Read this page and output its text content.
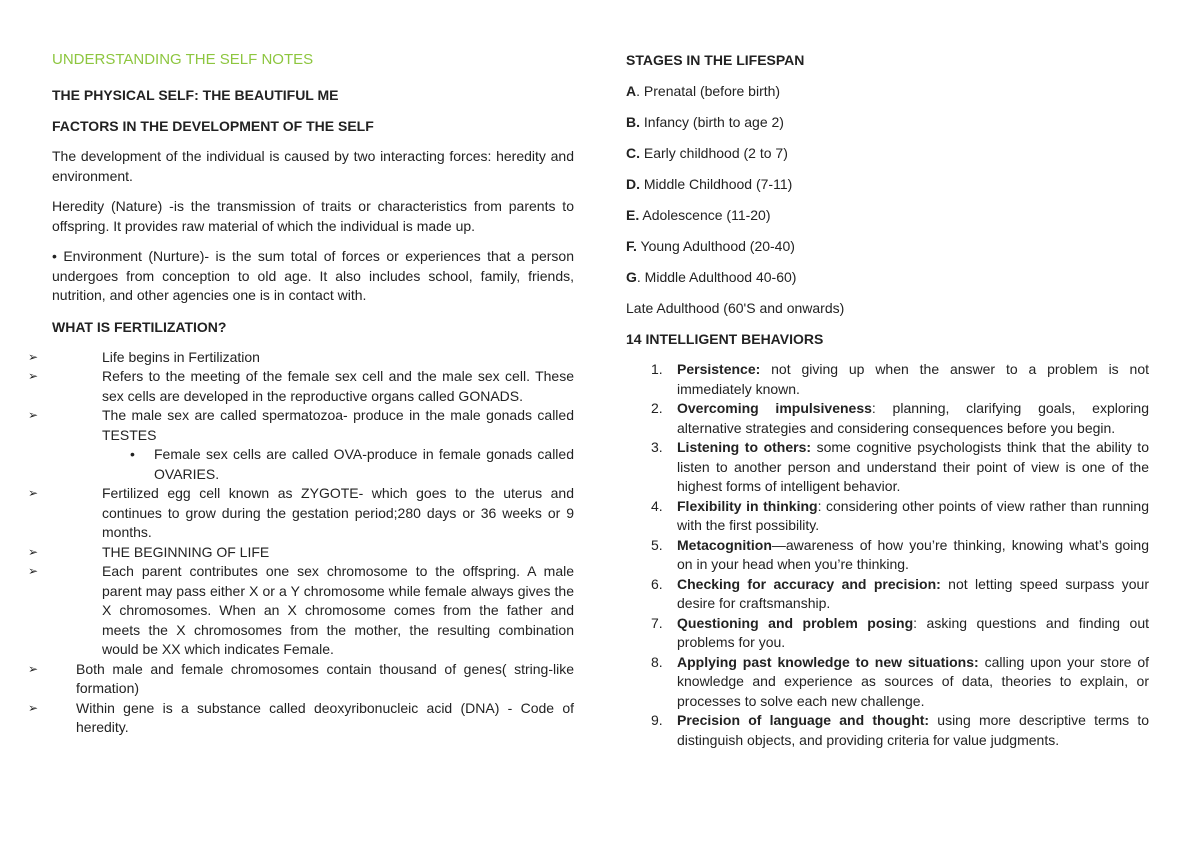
UNDERSTANDING THE SELF NOTES
THE PHYSICAL SELF: THE BEAUTIFUL ME
FACTORS IN THE DEVELOPMENT OF THE SELF

The development of the individual is caused by two interacting forces: heredity and environment.

Heredity (Nature) -is the transmission of traits or characteristics from parents to offspring. It provides raw material of which the individual is made up.

• Environment (Nurture)- is the sum total of forces or experiences that a person undergoes from conception to old age. It also includes school, family, friends, nutrition, and other agencies one is in contact with.

WHAT IS FERTILIZATION?
➢	Life begins in Fertilization
➢	Refers to the meeting of the female sex cell and the male sex cell. These sex cells are developed in the reproductive organs called GONADS.
➢	The male sex are called spermatozoa- produce in the male gonads called TESTES
• Female sex cells are called OVA-produce in female gonads called OVARIES.
➢	Fertilized egg cell known as ZYGOTE- which goes to the uterus and continues to grow during the gestation period;280 days or 36 weeks or 9 months.
➢	THE BEGINNING OF LIFE
➢	Each parent contributes one sex chromosome to the offspring. A male parent may pass either X or a Y chromosome while female always gives the X chromosomes. When an X chromosome comes from the father and meets the X chromosomes from the mother, the resulting combination would be XX which indicates Female.
➢	Both male and female chromosomes contain thousand of genes( string-like formation)
➢	Within gene is a substance called deoxyribonucleic acid (DNA) - Code of heredity.
STAGES IN THE LIFESPAN
A. Prenatal (before birth)
B. Infancy (birth to age 2)
C. Early childhood (2 to 7)
D. Middle Childhood (7-11)
E. Adolescence (11-20)
F. Young Adulthood (20-40)
G. Middle Adulthood 40-60)
Late Adulthood (60'S and onwards)
14 INTELLIGENT BEHAVIORS
1. Persistence: not giving up when the answer to a problem is not immediately known.
2. Overcoming impulsiveness: planning, clarifying goals, exploring alternative strategies and considering consequences before you begin.
3. Listening to others: some cognitive psychologists think that the ability to listen to another person and understand their point of view is one of the highest forms of intelligent behavior.
4. Flexibility in thinking: considering other points of view rather than running with the first possibility.
5. Metacognition—awareness of how you’re thinking, knowing what’s going on in your head when you’re thinking.
6. Checking for accuracy and precision: not letting speed surpass your desire for craftsmanship.
7. Questioning and problem posing: asking questions and finding out problems for you.
8. Applying past knowledge to new situations: calling upon your store of knowledge and experience as sources of data, theories to explain, or processes to solve each new challenge.
9. Precision of language and thought: using more descriptive terms to distinguish objects, and providing criteria for value judgments.
